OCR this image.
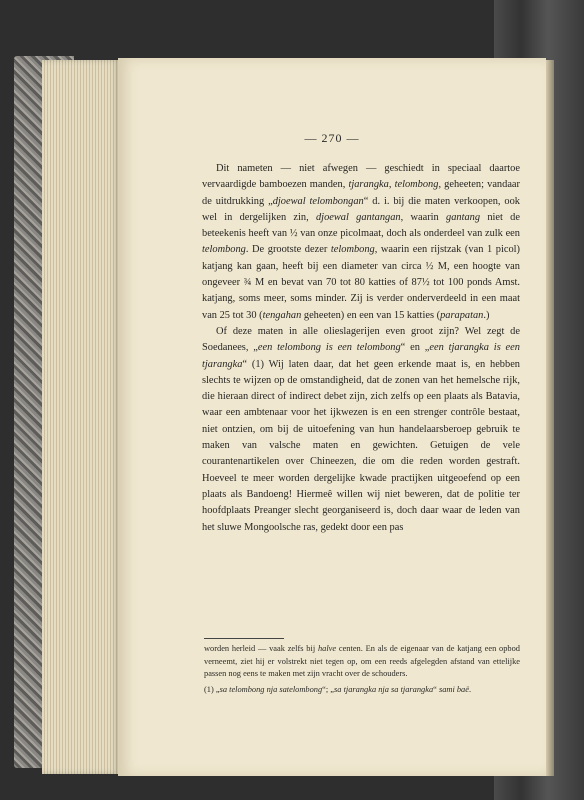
— 270 —

Dit nameten — niet afwegen — geschiedt in speciaal daartoe vervaardigde bamboezen manden, tjarangka, telombong, geheeten; vandaar de uitdrukking „djoewal telombongan“ d. i. bij die maten verkoopen, ook wel in dergelijken zin, djoewal gantangan, waarin gantang niet de beteekenis heeft van ½ van onze picolmaat, doch als onderdeel van zulk een telombong. De grootste dezer telombong, waarin een rijstzak (van 1 picol) katjang kan gaan, heeft bij een diameter van circa ½ M, een hoogte van ongeveer ¾ M en bevat van 70 tot 80 katties of 87½ tot 100 ponds Amst. katjang, soms meer, soms minder. Zij is verder onderverdeeld in een maat van 25 tot 30 (tengahan geheeten) en een van 15 katties (parapatan.)

Of deze maten in alle olieslagerijen even groot zijn? Wel zegt de Soedanees, „een telombong is een telombong“ en „een tjarangka is een tjarangka“ (1) Wij laten daar, dat het geen erkende maat is, en hebben slechts te wijzen op de omstandigheid, dat de zonen van het hemelsche rijk, die hieraan direct of indirect debet zijn, zich zelfs op een plaats als Batavia, waar een ambtenaar voor het ijkwezen is en een strenger contrôle bestaat, niet ontzien, om bij de uitoefening van hun handelaarsberoep gebruik te maken van valsche maten en gewichten. Getuigen de vele courantenartikelen over Chineezen, die om die reden worden gestraft. Hoeveel te meer worden dergelijke kwade practijken uitgeoefend op een plaats als Bandoeng! Hiermeê willen wij niet beweren, dat de politie ter hoofdplaats Preanger slecht georganiseerd is, doch daar waar de leden van het sluwe Mongoolsche ras, gedekt door een pas

worden herleid — vaak zelfs bij halve centen. En als de eigenaar van de katjang een opbod verneemt, ziet hij er volstrekt niet tegen op, om een reeds afgelegden afstand van ettelijke passen nog eens te maken met zijn vracht over de schouders.

(1) „sa telombong nja satelombong“; „sa tjarangka nja sa tjarangka“ sami baë.
